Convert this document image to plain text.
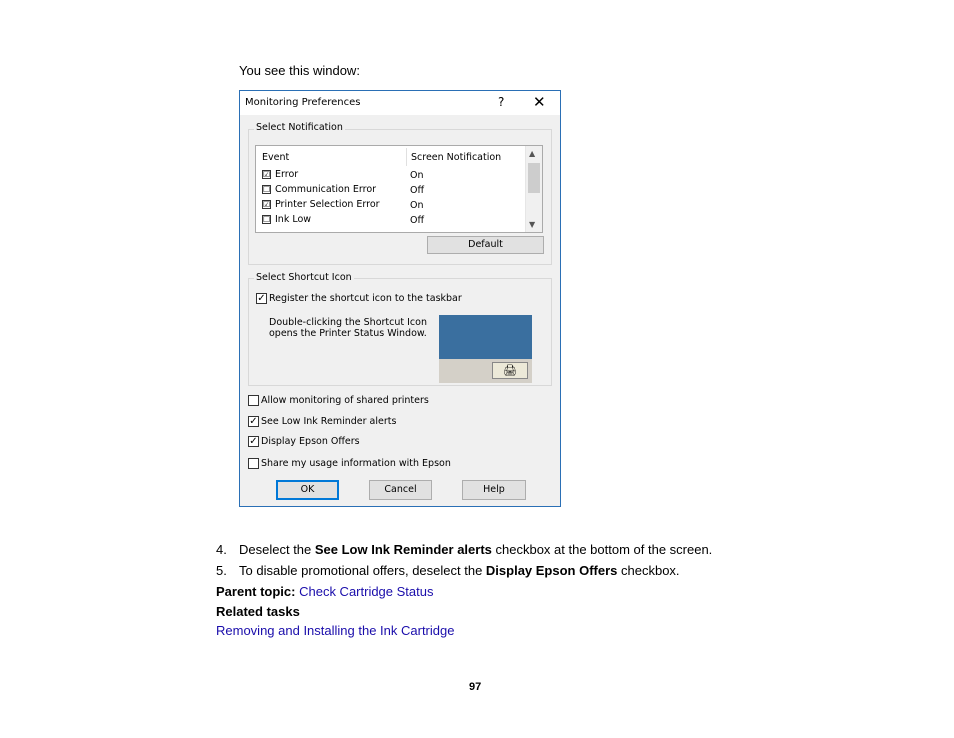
You see this window:
Monitoring Preferences	? ✕
Select Notification
Event	Screen Notification
☑ Error	On
☐ Communication Error	Off
☑ Printer Selection Error	On
☐ Ink Low	Off
▲
▼
Default
Select Shortcut Icon
✓ Register the shortcut icon to the taskbar
Double-clicking the Shortcut Icon
opens the Printer Status Window.
🖨
Allow monitoring of shared printers
✓ See Low Ink Reminder alerts
✓ Display Epson Offers
Share my usage information with Epson
OK	Cancel	Help
4. Deselect the See Low Ink Reminder alerts checkbox at the bottom of the screen.
5. To disable promotional offers, deselect the Display Epson Offers checkbox.
Parent topic: Check Cartridge Status
Related tasks
Removing and Installing the Ink Cartridge
97
